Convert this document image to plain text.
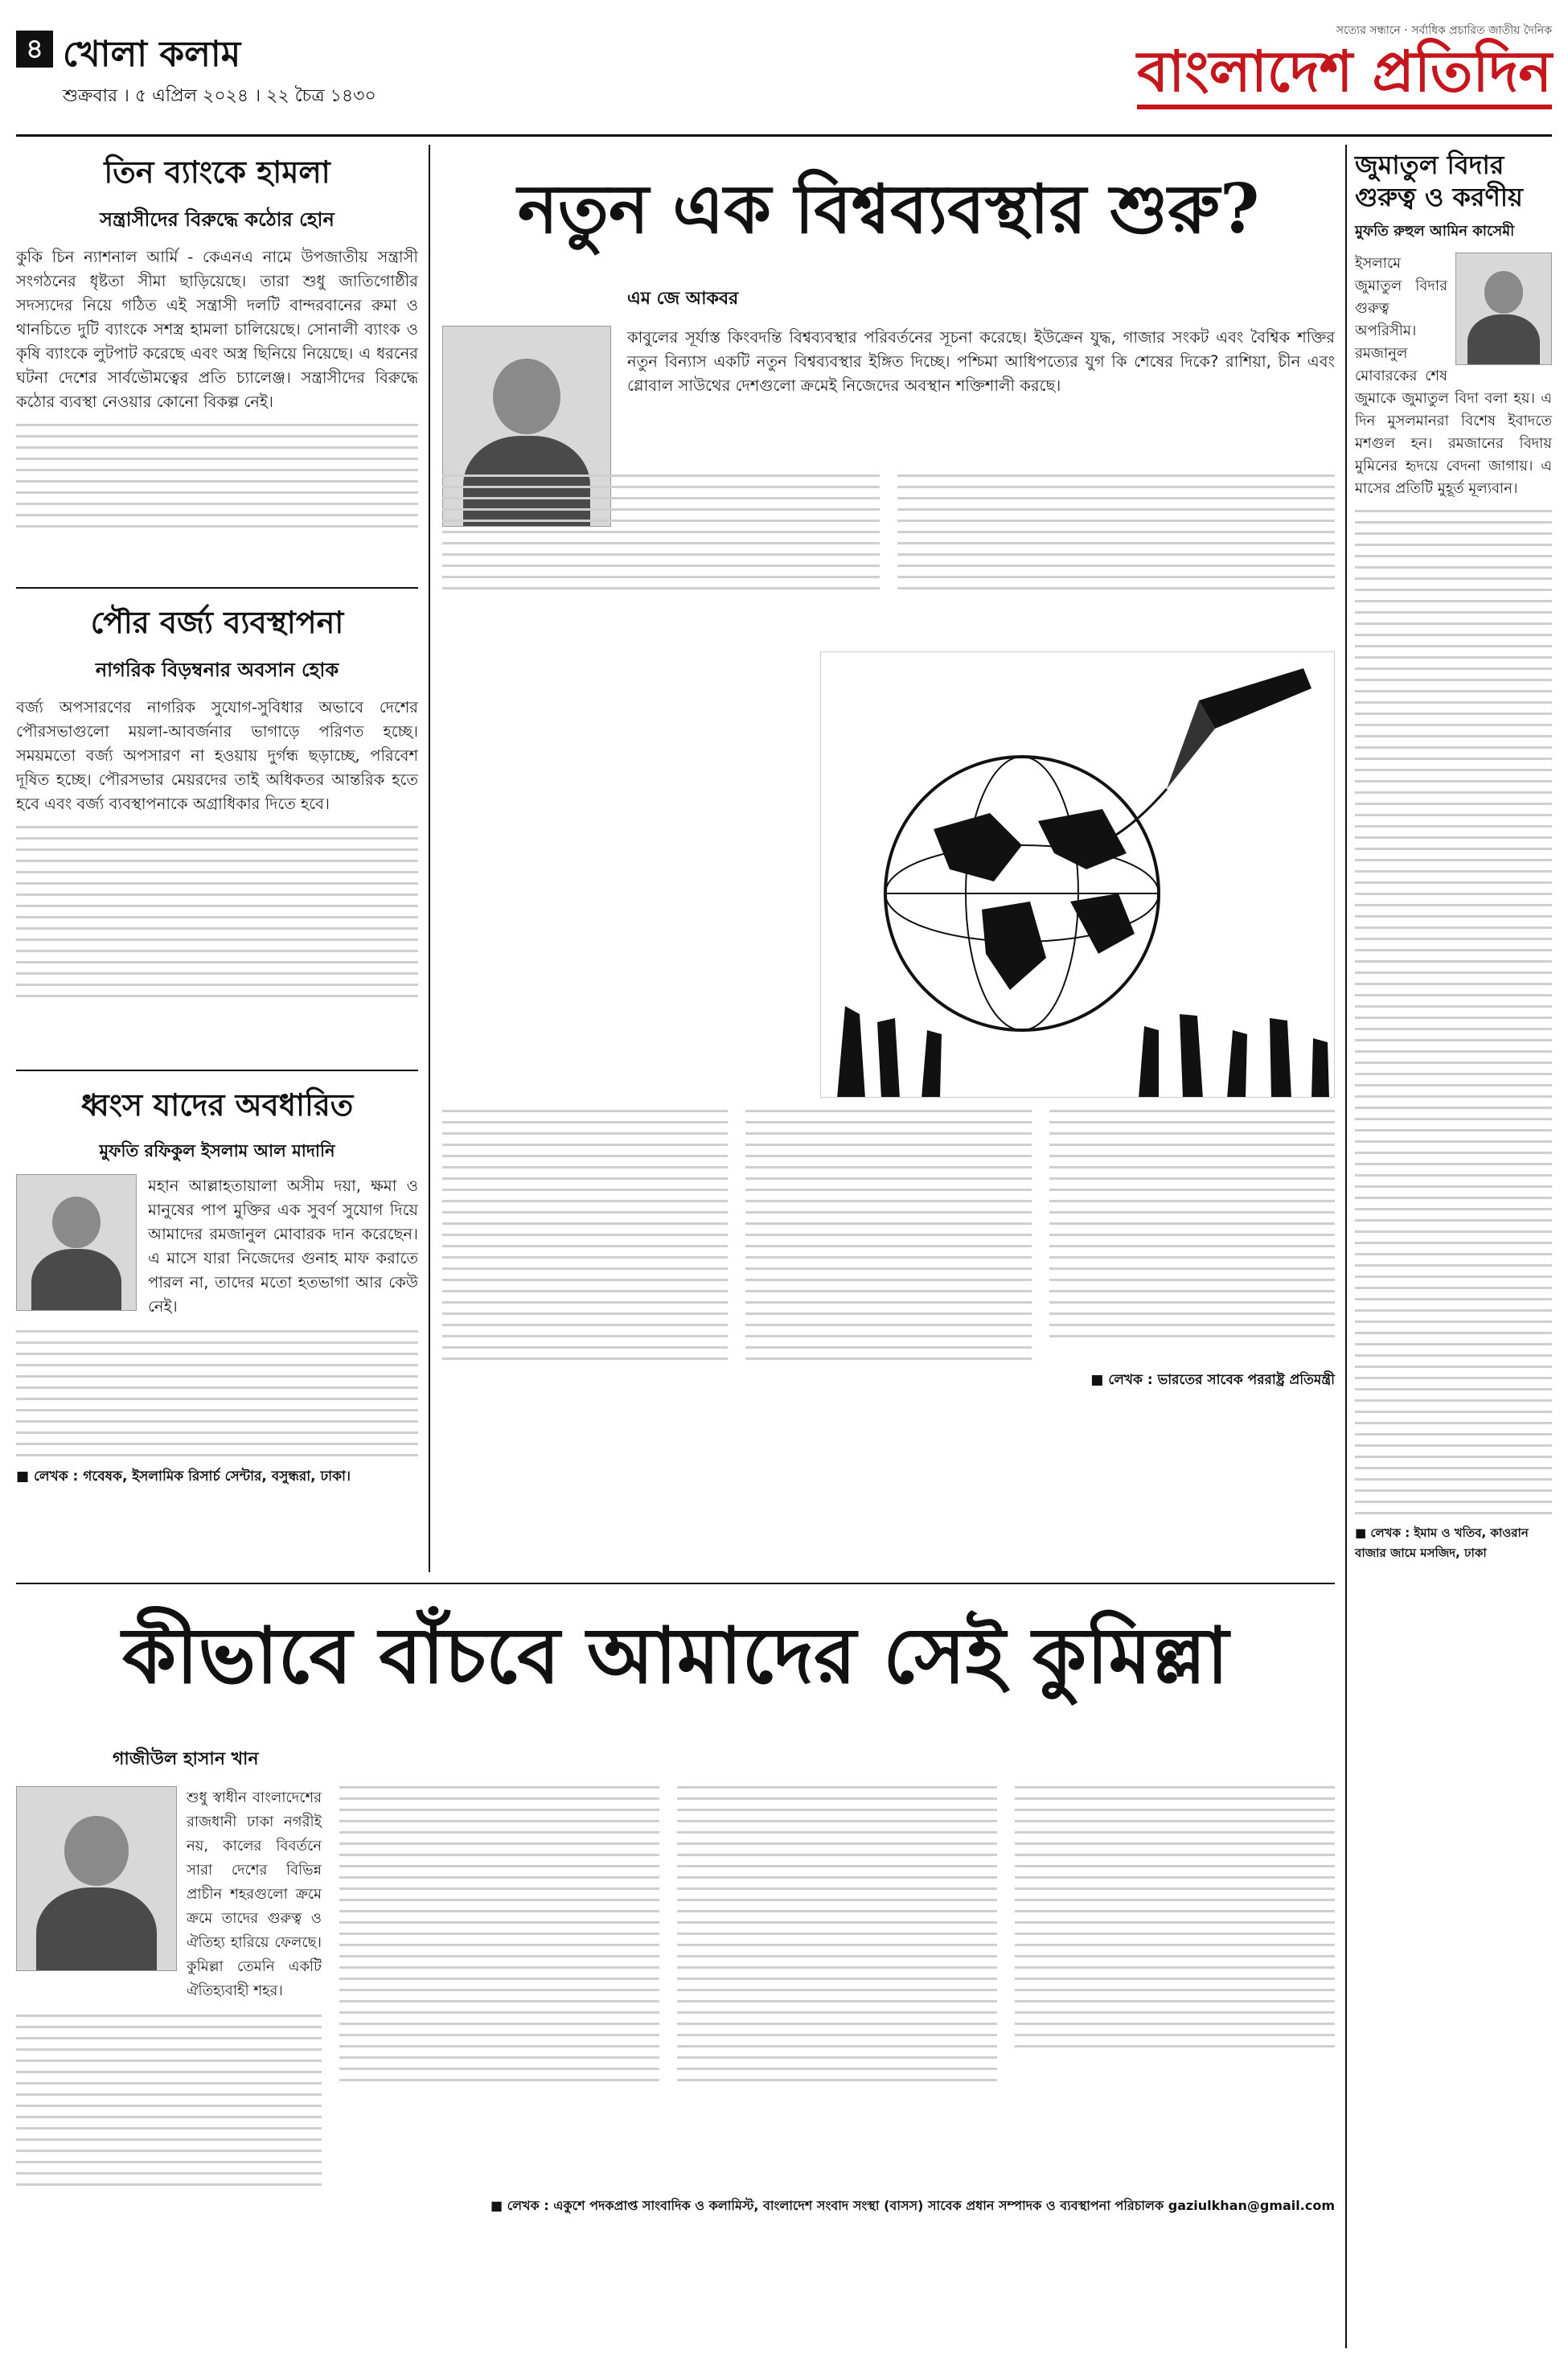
৪ খোলা কলাম
শুক্রবার । ৫ এপ্রিল ২০২৪ । ২২ চৈত্র ১৪৩০
সত্যের সন্ধানে · সর্বাধিক প্রচারিত জাতীয় দৈনিক
বাংলাদেশ প্রতিদিন
তিন ব্যাংকে হামলা
সন্ত্রাসীদের বিরুদ্ধে কঠোর হোন
কুকি চিন ন্যাশনাল আর্মি - কেএনএ নামে উপজাতীয় সন্ত্রাসী সংগঠনের ধৃষ্টতা সীমা ছাড়িয়েছে। তারা শুধু জাতিগোষ্ঠীর সদস্যদের নিয়ে গঠিত এই সন্ত্রাসী দলটি বান্দরবানের রুমা ও থানচিতে দুটি ব্যাংকে সশস্ত্র হামলা চালিয়েছে। সোনালী ব্যাংক ও কৃষি ব্যাংকে লুটপাট করেছে এবং অস্ত্র ছিনিয়ে নিয়েছে। এ ধরনের ঘটনা দেশের সার্বভৌমত্বের প্রতি চ্যালেঞ্জ। সন্ত্রাসীদের বিরুদ্ধে কঠোর ব্যবস্থা নেওয়ার কোনো বিকল্প নেই।
পৌর বর্জ্য ব্যবস্থাপনা
নাগরিক বিড়ম্বনার অবসান হোক
বর্জ্য অপসারণের নাগরিক সুযোগ-সুবিধার অভাবে দেশের পৌরসভাগুলো ময়লা-আবর্জনার ভাগাড়ে পরিণত হচ্ছে। সময়মতো বর্জ্য অপসারণ না হওয়ায় দুর্গন্ধ ছড়াচ্ছে, পরিবেশ দূষিত হচ্ছে। পৌরসভার মেয়রদের তাই অধিকতর আন্তরিক হতে হবে এবং বর্জ্য ব্যবস্থাপনাকে অগ্রাধিকার দিতে হবে।
ধ্বংস যাদের অবধারিত
মুফতি রফিকুল ইসলাম আল মাদানি
মহান আল্লাহতায়ালা অসীম দয়া, ক্ষমা ও মানুষের পাপ মুক্তির এক সুবর্ণ সুযোগ দিয়ে আমাদের রমজানুল মোবারক দান করেছেন। এ মাসে যারা নিজেদের গুনাহ মাফ করাতে পারল না, তাদের মতো হতভাগা আর কেউ নেই।
■ লেখক : গবেষক, ইসলামিক রিসার্চ সেন্টার, বসুন্ধরা, ঢাকা।
নতুন এক বিশ্বব্যবস্থার শুরু?
এম জে আকবর
কাবুলের সূর্যাস্ত কিংবদন্তি বিশ্বব্যবস্থার পরিবর্তনের সূচনা করেছে। ইউক্রেন যুদ্ধ, গাজার সংকট এবং বৈশ্বিক শক্তির নতুন বিন্যাস একটি নতুন বিশ্বব্যবস্থার ইঙ্গিত দিচ্ছে। পশ্চিমা আধিপত্যের যুগ কি শেষের দিকে? রাশিয়া, চীন এবং গ্লোবাল সাউথের দেশগুলো ক্রমেই নিজেদের অবস্থান শক্তিশালী করছে।
■ লেখক : ভারতের সাবেক পররাষ্ট্র প্রতিমন্ত্রী
জুমাতুল বিদার গুরুত্ব ও করণীয়
মুফতি রুহুল আমিন কাসেমী
ইসলামে জুমাতুল বিদার গুরুত্ব অপরিসীম। রমজানুল মোবারকের শেষ জুমাকে জুমাতুল বিদা বলা হয়। এ দিন মুসলমানরা বিশেষ ইবাদতে মশগুল হন। রমজানের বিদায় মুমিনের হৃদয়ে বেদনা জাগায়। এ মাসের প্রতিটি মুহূর্ত মূল্যবান।
■ লেখক : ইমাম ও খতিব, কাওরান বাজার জামে মসজিদ, ঢাকা
কীভাবে বাঁচবে আমাদের সেই কুমিল্লা
গাজীউল হাসান খান
শুধু স্বাধীন বাংলাদেশের রাজধানী ঢাকা নগরীই নয়, কালের বিবর্তনে সারা দেশের বিভিন্ন প্রাচীন শহরগুলো ক্রমে ক্রমে তাদের গুরুত্ব ও ঐতিহ্য হারিয়ে ফেলছে। কুমিল্লা তেমনি একটি ঐতিহ্যবাহী শহর।
■ লেখক : একুশে পদকপ্রাপ্ত সাংবাদিক ও কলামিস্ট, বাংলাদেশ সংবাদ সংস্থা (বাসস) সাবেক প্রধান সম্পাদক ও ব্যবস্থাপনা পরিচালক gaziulkhan@gmail.com
